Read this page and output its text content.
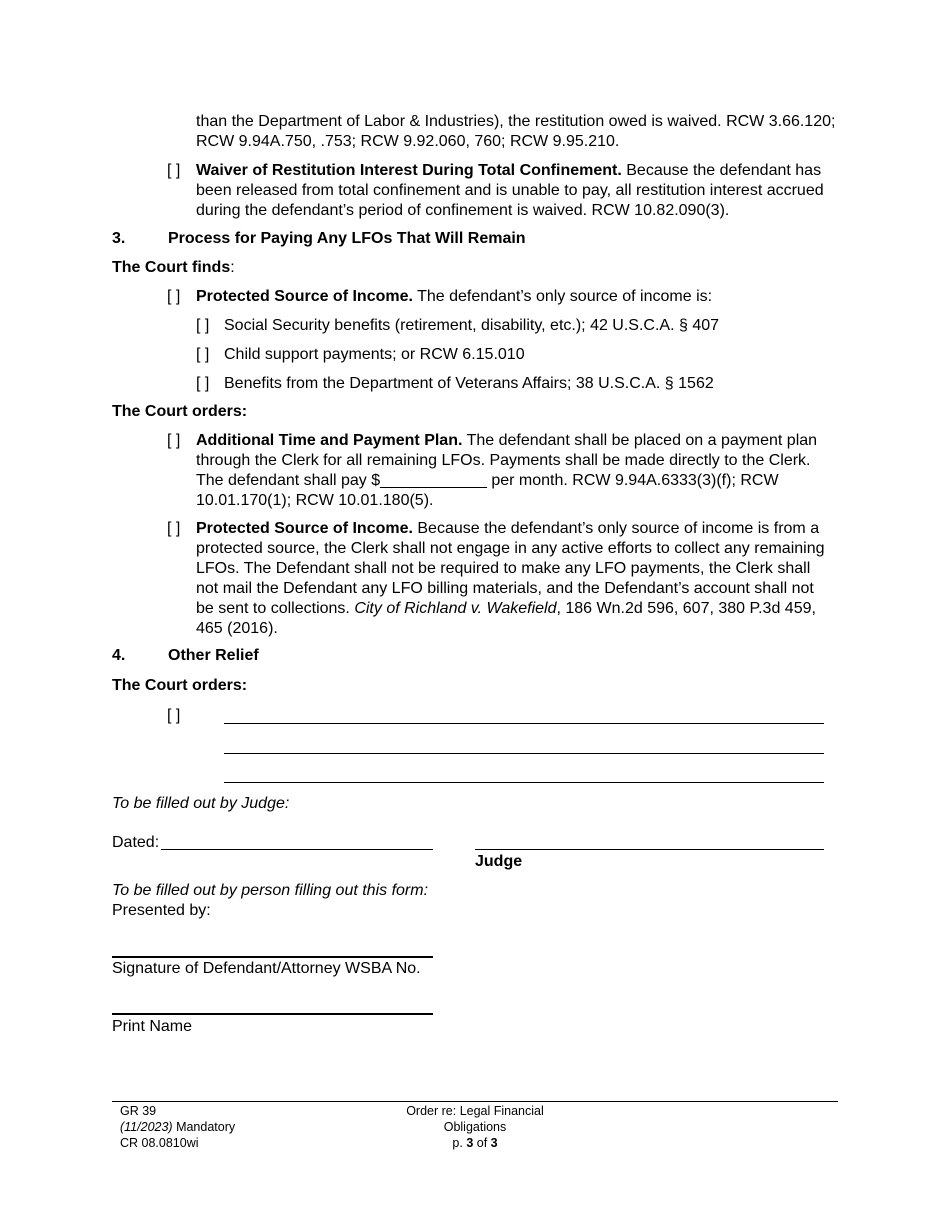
than the Department of Labor & Industries), the restitution owed is waived. RCW 3.66.120; RCW 9.94A.750, .753; RCW 9.92.060, 760; RCW 9.95.210.

[ ] Waiver of Restitution Interest During Total Confinement. Because the defendant has been released from total confinement and is unable to pay, all restitution interest accrued during the defendant’s period of confinement is waived. RCW 10.82.090(3).

3.	Process for Paying Any LFOs That Will Remain

The Court finds:

[ ] Protected Source of Income. The defendant’s only source of income is:

[ ] Social Security benefits (retirement, disability, etc.); 42 U.S.C.A. § 407
[ ] Child support payments; or RCW 6.15.010
[ ] Benefits from the Department of Veterans Affairs; 38 U.S.C.A. § 1562
The Court orders:
[ ] Additional Time and Payment Plan. The defendant shall be placed on a payment plan through the Clerk for all remaining LFOs. Payments shall be made directly to the Clerk. The defendant shall pay $____________ per month. RCW 9.94A.6333(3)(f); RCW 10.01.170(1); RCW 10.01.180(5).

[ ] Protected Source of Income. Because the defendant’s only source of income is from a protected source, the Clerk shall not engage in any active efforts to collect any remaining LFOs. The Defendant shall not be required to make any LFO payments, the Clerk shall not mail the Defendant any LFO billing materials, and the Defendant’s account shall not be sent to collections. City of Richland v. Wakefield, 186 Wn.2d 596, 607, 380 P.3d 459, 465 (2016).

4.	Other Relief
The Court orders:
[ ]
To be filled out by Judge:
Dated:
Judge
To be filled out by person filling out this form:
Presented by:
Signature of Defendant/Attorney WSBA No.
Print Name
GR 39
(11/2023) Mandatory
CR 08.0810wi
Order re: Legal Financial
Obligations
p. 3 of 3
